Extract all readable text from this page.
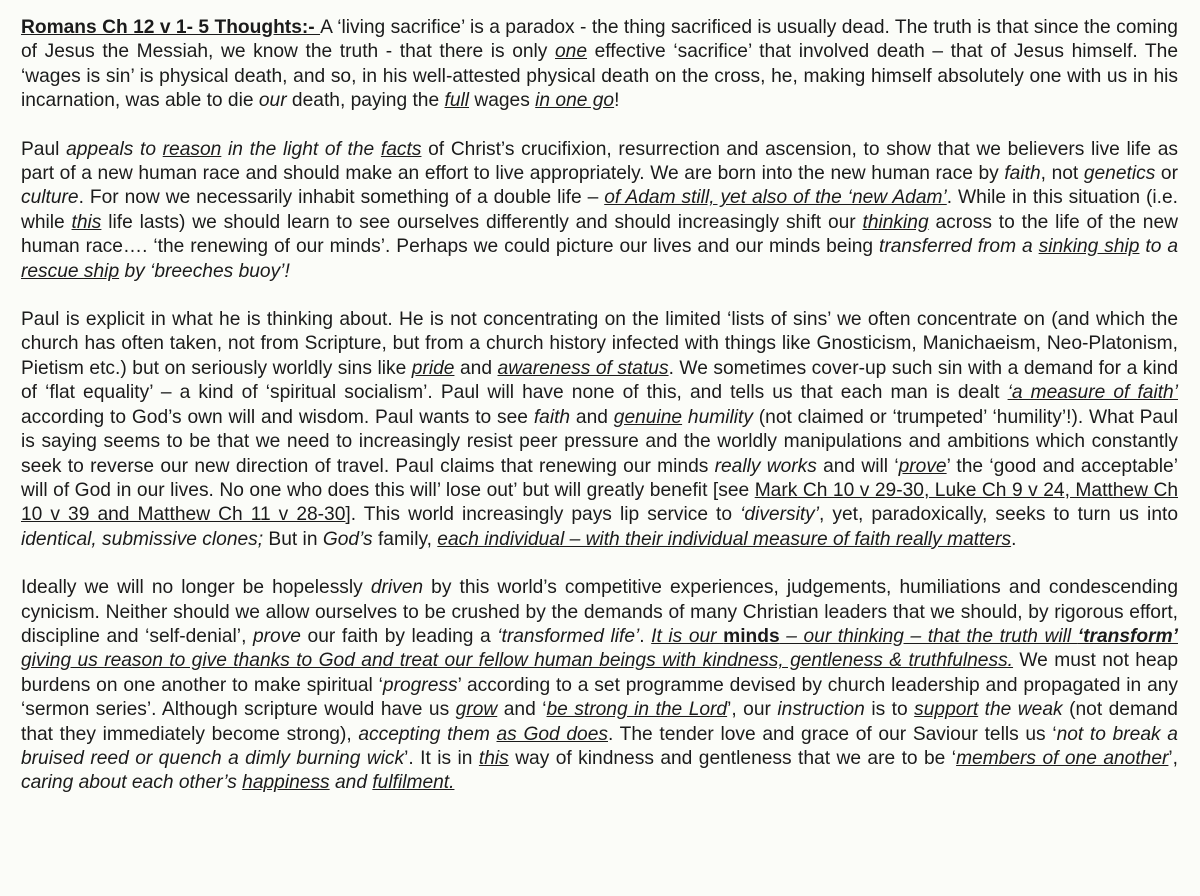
Romans Ch 12 v 1- 5 Thoughts:- A ‘living sacrifice’ is a paradox - the thing sacrificed is usually dead. The truth is that since the coming of Jesus the Messiah, we know the truth - that there is only one effective ‘sacrifice’ that involved death – that of Jesus himself. The ‘wages is sin’ is physical death, and so, in his well-attested physical death on the cross, he, making himself absolutely one with us in his incarnation, was able to die our death, paying the full wages in one go!

Paul appeals to reason in the light of the facts of Christ’s crucifixion, resurrection and ascension, to show that we believers live life as part of a new human race and should make an effort to live appropriately. We are born into the new human race by faith, not genetics or culture. For now we necessarily inhabit something of a double life – of Adam still, yet also of the ‘new Adam’. While in this situation (i.e. while this life lasts) we should learn to see ourselves differently and should increasingly shift our thinking across to the life of the new human race…. ‘the renewing of our minds’. Perhaps we could picture our lives and our minds being transferred from a sinking ship to a rescue ship by ‘breeches buoy’!

Paul is explicit in what he is thinking about. He is not concentrating on the limited ‘lists of sins’ we often concentrate on (and which the church has often taken, not from Scripture, but from a church history infected with things like Gnosticism, Manichaeism, Neo-Platonism, Pietism etc.) but on seriously worldly sins like pride and awareness of status. We sometimes cover-up such sin with a demand for a kind of ‘flat equality’ – a kind of ‘spiritual socialism’. Paul will have none of this, and tells us that each man is dealt ‘a measure of faith’ according to God’s own will and wisdom. Paul wants to see faith and genuine humility (not claimed or ‘trumpeted’ ‘humility’!). What Paul is saying seems to be that we need to increasingly resist peer pressure and the worldly manipulations and ambitions which constantly seek to reverse our new direction of travel. Paul claims that renewing our minds really works and will ‘prove’ the ‘good and acceptable’ will of God in our lives. No one who does this will’ lose out’ but will greatly benefit [see Mark Ch 10 v 29-30, Luke Ch 9 v 24, Matthew Ch 10 v 39 and Matthew Ch 11 v 28-30]. This world increasingly pays lip service to ‘diversity’, yet, paradoxically, seeks to turn us into identical, submissive clones; But in God’s family, each individual – with their individual measure of faith really matters.

Ideally we will no longer be hopelessly driven by this world’s competitive experiences, judgements, humiliations and condescending cynicism. Neither should we allow ourselves to be crushed by the demands of many Christian leaders that we should, by rigorous effort, discipline and ‘self-denial’, prove our faith by leading a ‘transformed life’. It is our minds – our thinking – that the truth will ‘transform’ giving us reason to give thanks to God and treat our fellow human beings with kindness, gentleness & truthfulness. We must not heap burdens on one another to make spiritual ‘progress’ according to a set programme devised by church leadership and propagated in any ‘sermon series’. Although scripture would have us grow and ‘be strong in the Lord’, our instruction is to support the weak (not demand that they immediately become strong), accepting them as God does. The tender love and grace of our Saviour tells us ‘not to break a bruised reed or quench a dimly burning wick’. It is in this way of kindness and gentleness that we are to be ‘members of one another’, caring about each other’s happiness and fulfilment.
